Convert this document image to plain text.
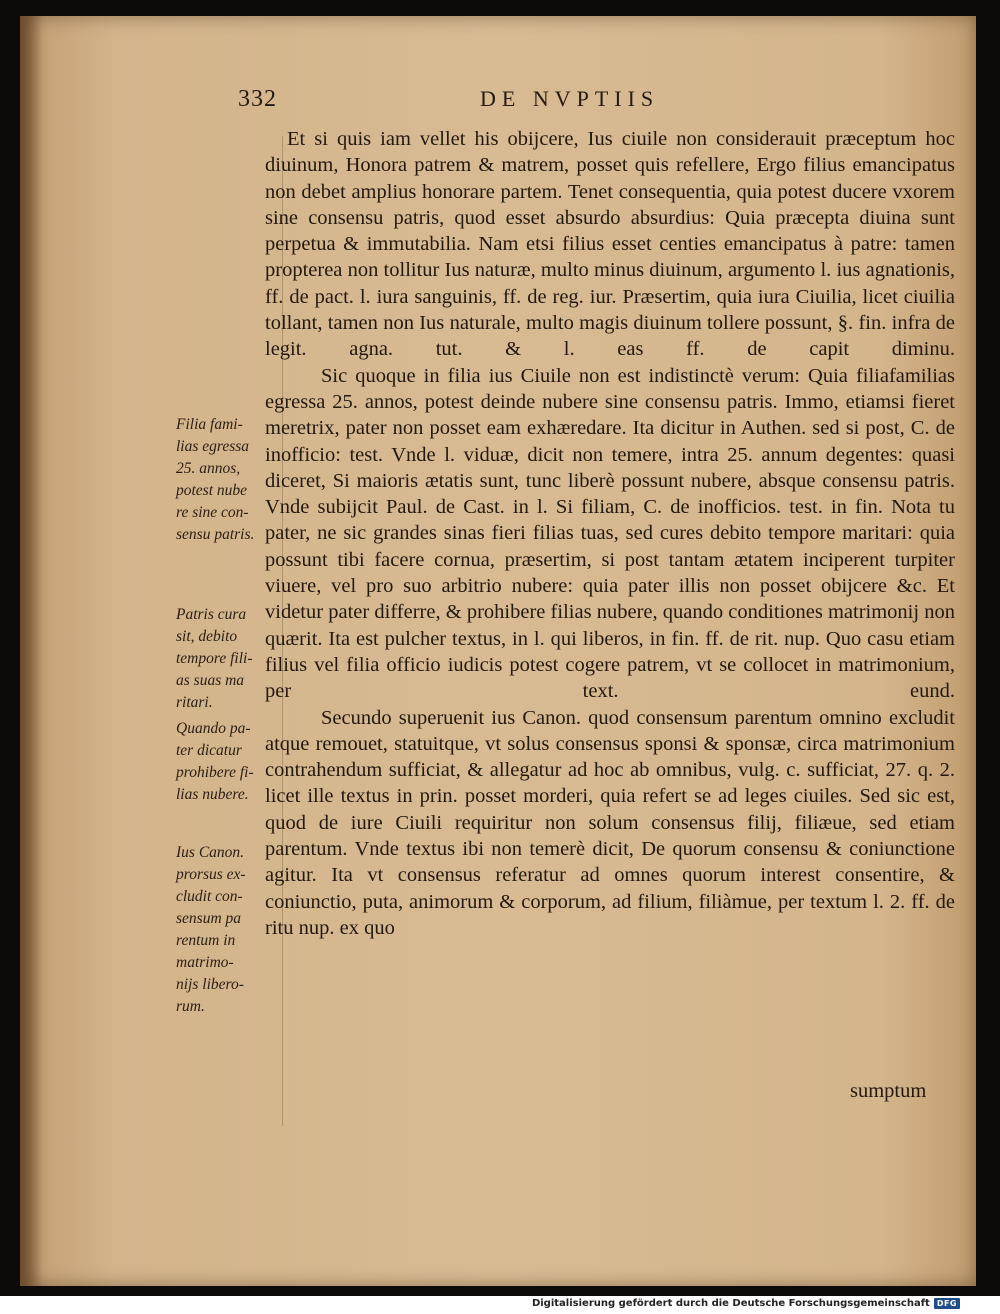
332	DE NVPTIIS
Filia fami-
lias egressa
25. annos,
potest nube
re sine con-
sensu patris.
Patris cura
sit, debito
tempore fili-
as suas ma
ritari.
Quando pa-
ter dicatur
prohibere fi-
lias nubere.
Ius Canon.
prorsus ex-
cludit con-
sensum pa
rentum in
matrimo-
nijs libero-
rum.

Et si quis iam vellet his obijcere, Ius ciuile non considerauit præceptum hoc diuinum, Honora patrem & matrem, posset quis refellere, Ergo filius emancipatus non debet amplius honorare partem. Tenet consequentia, quia potest ducere vxorem sine consensu patris, quod esset absurdo absurdius: Quia præcepta diuina sunt perpetua & immutabilia. Nam etsi filius esset centies emancipatus à patre: tamen propterea non tollitur Ius naturæ, multo minus diuinum, argumento l. ius agnationis, ff. de pact. l. iura sanguinis, ff. de reg. iur. Præsertim, quia iura Ciuilia, licet ciuilia tollant, tamen non Ius naturale, multo magis diuinum tollere possunt, §. fin. infra de legit. agna. tut. & l. eas ff. de capit diminu.

Sic quoque in filia ius Ciuile non est indistinctè verum: Quia filiafamilias egressa 25. annos, potest deinde nubere sine consensu patris. Immo, etiamsi fieret meretrix, pater non posset eam exhæredare. Ita dicitur in Authen. sed si post, C. de inofficio: test. Vnde l. viduæ, dicit non temere, intra 25. annum degentes: quasi diceret, Si maioris ætatis sunt, tunc liberè possunt nubere, absque consensu patris. Vnde subijcit Paul. de Cast. in l. Si filiam, C. de inofficios. test. in fin. Nota tu pater, ne sic grandes sinas fieri filias tuas, sed cures debito tempore maritari: quia possunt tibi facere cornua, præsertim, si post tantam ætatem inciperent turpiter viuere, vel pro suo arbitrio nubere: quia pater illis non posset obijcere &c. Et videtur pater differre, & prohibere filias nubere, quando conditiones matrimonij non quærit. Ita est pulcher textus, in l. qui liberos, in fin. ff. de rit. nup. Quo casu etiam filius vel filia officio iudicis potest cogere patrem, vt se collocet in matrimonium, per text. eund.

Secundo superuenit ius Canon. quod consensum parentum omnino excludit atque remouet, statuitque, vt solus consensus sponsi & sponsæ, circa matrimonium contrahendum sufficiat, & allegatur ad hoc ab omnibus, vulg. c. sufficiat, 27. q. 2. licet ille textus in prin. posset morderi, quia refert se ad leges ciuiles. Sed sic est, quod de iure Ciuili requiritur non solum consensus filij, filiæue, sed etiam parentum. Vnde textus ibi non temerè dicit, De quorum consensu & coniunctione agitur. Ita vt consensus referatur ad omnes quorum interest consentire, & coniunctio, puta, animorum & corporum, ad filium, filiàmue, per textum l. 2. ff. de ritu nup. ex quo

sumptum
Digitalisierung gefördert durch die Deutsche Forschungsgemeinschaft DFG
